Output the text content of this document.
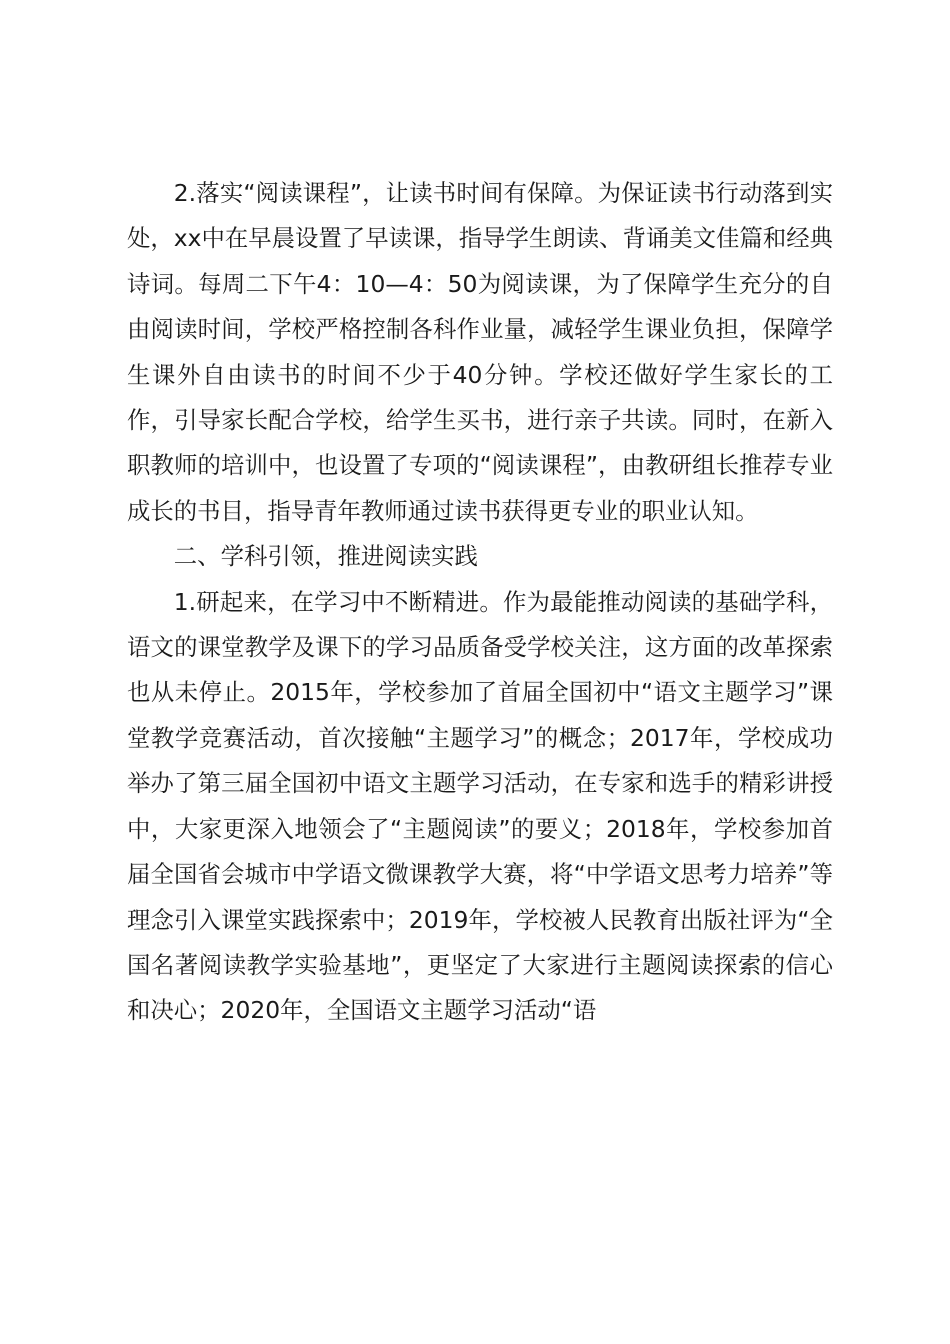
2.落实“阅读课程”，让读书时间有保障。为保证读书行动落到实处，xx中在早晨设置了早读课，指导学生朗读、背诵美文佳篇和经典诗词。每周二下午4：10—4：50为阅读课，为了保障学生充分的自由阅读时间，学校严格控制各科作业量，减轻学生课业负担，保障学生课外自由读书的时间不少于40分钟。学校还做好学生家长的工作，引导家长配合学校，给学生买书，进行亲子共读。同时，在新入职教师的培训中，也设置了专项的“阅读课程”，由教研组长推荐专业成长的书目，指导青年教师通过读书获得更专业的职业认知。

二、学科引领，推进阅读实践

1.研起来，在学习中不断精进。作为最能推动阅读的基础学科，语文的课堂教学及课下的学习品质备受学校关注，这方面的改革探索也从未停止。2015年，学校参加了首届全国初中“语文主题学习”课堂教学竞赛活动，首次接触“主题学习”的概念；2017年，学校成功举办了第三届全国初中语文主题学习活动，在专家和选手的精彩讲授中，大家更深入地领会了“主题阅读”的要义；2018年，学校参加首届全国省会城市中学语文微课教学大赛，将“中学语文思考力培养”等理念引入课堂实践探索中；2019年，学校被人民教育出版社评为“全国名著阅读教学实验基地”，更坚定了大家进行主题阅读探索的信心和决心；2020年，全国语文主题学习活动“语
